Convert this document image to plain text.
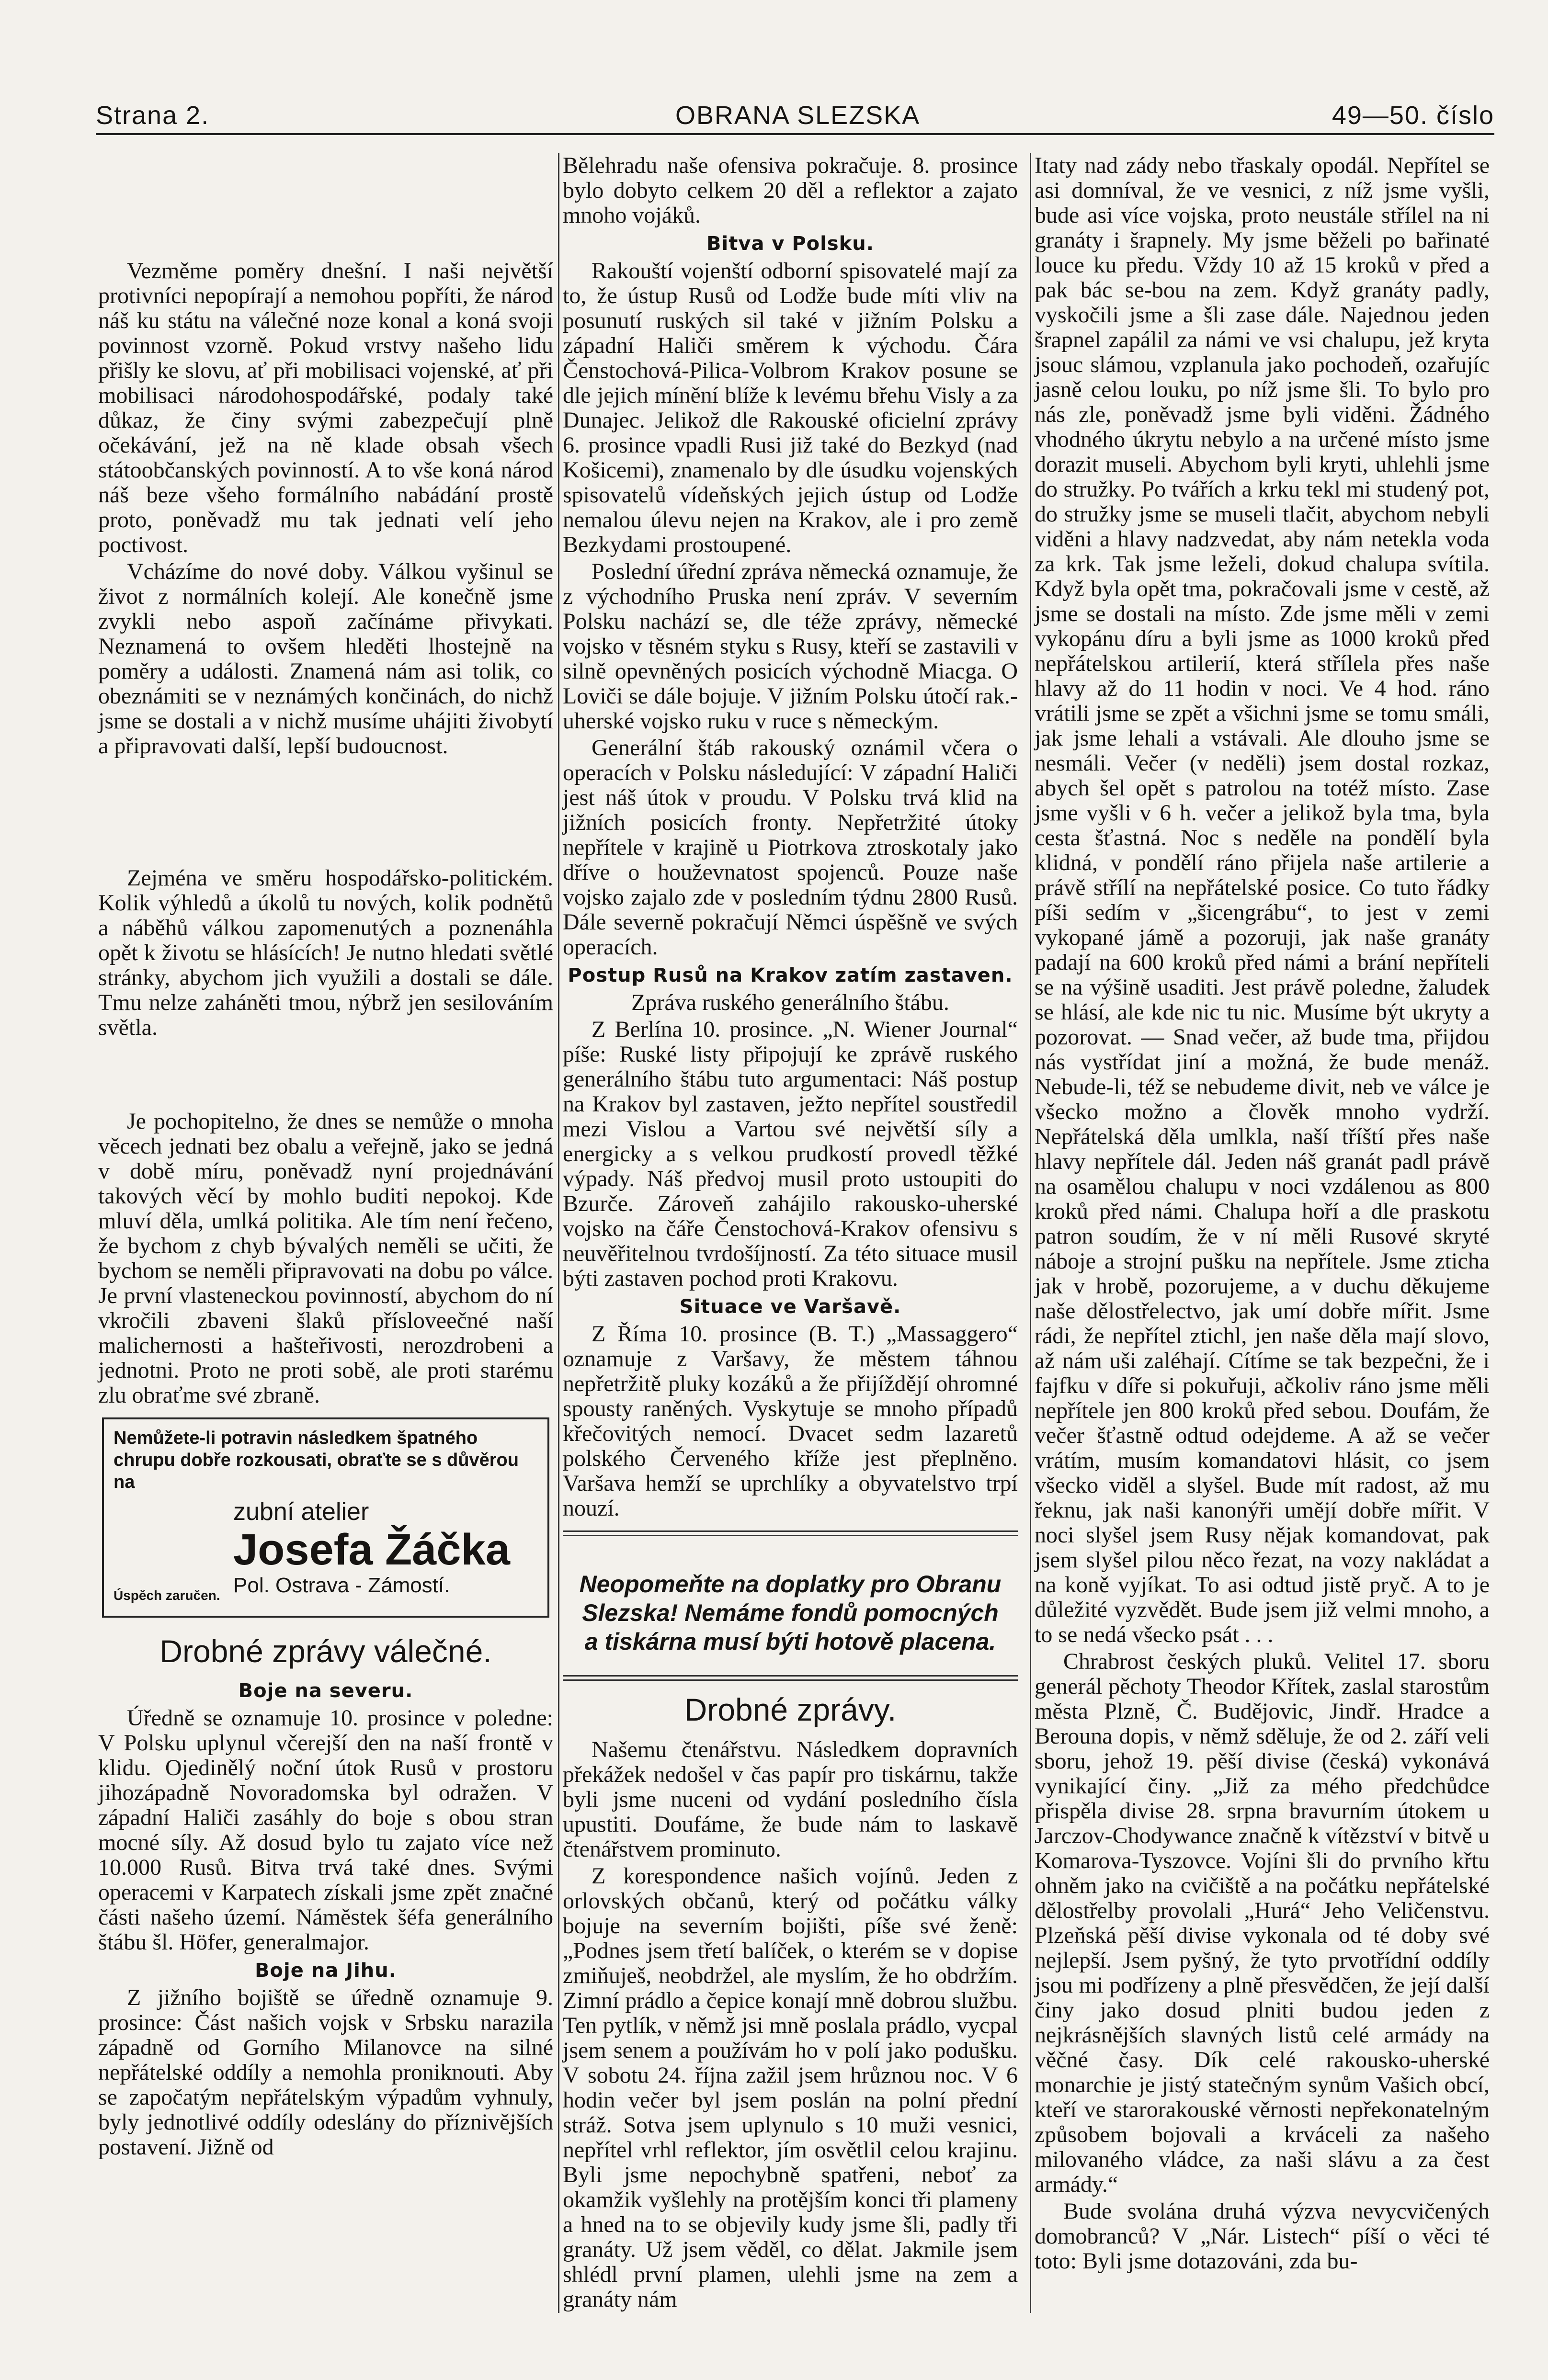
Strana 2.	OBRANA SLEZSKA	49—50. číslo

Vezměme poměry dnešní. I naši největší protivníci nepopírají a nemohou popříti, že národ náš ku státu na válečné noze konal a koná svoji povinnost vzorně. Pokud vrstvy našeho lidu přišly ke slovu, ať při mobilisaci vojenské, ať při mobilisaci národohospodářské, podaly také důkaz, že činy svými zabezpečují plně očekávání, jež na ně klade obsah všech státoobčanských povinností. A to vše koná národ náš beze všeho formálního nabádání prostě proto, poněvadž mu tak jednati velí jeho poctivost.

Vcházíme do nové doby. Válkou vyšinul se život z normálních kolejí. Ale konečně jsme zvykli nebo aspoň začínáme přivykati. Neznamená to ovšem hleděti lhostejně na poměry a události. Znamená nám asi tolik, co obeznámiti se v neznámých končinách, do nichž jsme se dostali a v nichž musíme uhájiti živobytí a připravovati další, lepší budoucnost.

Zejména ve směru hospodářsko-politickém. Kolik výhledů a úkolů tu nových, kolik podnětů a náběhů válkou zapomenutých a poznenáhla opět k životu se hlásících! Je nutno hledati světlé stránky, abychom jich využili a dostali se dále. Tmu nelze zaháněti tmou, nýbrž jen sesilováním světla.

Je pochopitelno, že dnes se nemůže o mnoha věcech jednati bez obalu a veřejně, jako se jedná v době míru, poněvadž nyní projednávání takových věcí by mohlo buditi nepokoj. Kde mluví děla, umlká politika. Ale tím není řečeno, že bychom z chyb bývalých neměli se učiti, že bychom se neměli připravovati na dobu po válce. Je první vlasteneckou povinností, abychom do ní vkročili zbaveni šlaků přísloveečné naší malichernosti a hašteřivosti, nerozdrobeni a jednotni. Proto ne proti sobě, ale proti starému zlu obraťme své zbraně.

Nemůžete-li potravin následkem špatného chrupu dobře rozkousati, obraťte se s důvěrou na
zubní atelier
Josefa Žáčka
Pol. Ostrava - Zámostí.
Úspěch zaručen.
Drobné zprávy válečné.
Boje na severu.

Úředně se oznamuje 10. prosince v poledne: V Polsku uplynul včerejší den na naší frontě v klidu. Ojedinělý noční útok Rusů v prostoru jihozápadně Novoradomska byl odražen. V západní Haliči zasáhly do boje s obou stran mocné síly. Až dosud bylo tu zajato více než 10.000 Rusů. Bitva trvá také dnes. Svými operacemi v Karpatech získali jsme zpět značné části našeho území. Náměstek šéfa generálního štábu šl. Höfer, generalmajor.

Boje na Jihu.

Z jižního bojiště se úředně oznamuje 9. prosince: Část našich vojsk v Srbsku narazila západně od Gorního Milanovce na silné nepřátelské oddíly a nemohla proniknouti. Aby se započatým nepřátelským výpadům vyhnuly, byly jednotlivé oddíly odeslány do příznivějších postavení. Jižně od

Bělehradu naše ofensiva pokračuje. 8. prosince bylo dobyto celkem 20 děl a reflektor a zajato mnoho vojáků.

Bitva v Polsku.

Rakouští vojenští odborní spisovatelé mají za to, že ústup Rusů od Lodže bude míti vliv na posunutí ruských sil také v jižním Polsku a západní Haliči směrem k východu. Čára Čenstochová-Pilica-Volbrom Krakov posune se dle jejich mínění blíže k levému břehu Visly a za Dunajec. Jelikož dle Rakouské oficielní zprávy 6. prosince vpadli Rusi již také do Bezkyd (nad Košicemi), znamenalo by dle úsudku vojenských spisovatelů vídeňských jejich ústup od Lodže nemalou úlevu nejen na Krakov, ale i pro země Bezkydami prostoupené.

Poslední úřední zpráva německá oznamuje, že z východního Pruska není zpráv. V severním Polsku nachází se, dle téže zprávy, německé vojsko v těsném styku s Rusy, kteří se zastavili v silně opevněných posicích východně Miacga. O Loviči se dále bojuje. V jižním Polsku útočí rak.-uherské vojsko ruku v ruce s německým.

Generální štáb rakouský oznámil včera o operacích v Polsku následující: V západní Haliči jest náš útok v proudu. V Polsku trvá klid na jižních posicích fronty. Nepřetržité útoky nepřítele v krajině u Piotrkova ztroskotaly jako dříve o houževnatost spojenců. Pouze naše vojsko zajalo zde v posledním týdnu 2800 Rusů. Dále severně pokračují Němci úspěšně ve svých operacích.

Postup Rusů na Krakov zatím zastaven.

Zpráva ruského generálního štábu.

Z Berlína 10. prosince. „N. Wiener Journal“ píše: Ruské listy připojují ke zprávě ruského generálního štábu tuto argumentaci: Náš postup na Krakov byl zastaven, ježto nepřítel soustředil mezi Vislou a Vartou své největší síly a energicky a s velkou prudkostí provedl těžké výpady. Náš předvoj musil proto ustoupiti do Bzurče. Zároveň zahájilo rakousko-uherské vojsko na čáře Čenstochová-Krakov ofensivu s neuvěřitelnou tvrdošíjností. Za této situace musil býti zastaven pochod proti Krakovu.

Situace ve Varšavě.

Z Říma 10. prosince (B. T.) „Massaggero“ oznamuje z Varšavy, že městem táhnou nepřetržitě pluky kozáků a že přijíždějí ohromné spousty raněných. Vyskytuje se mnoho případů křečovitých nemocí. Dvacet sedm lazaretů polského Červeného kříže jest přeplněno. Varšava hemží se uprchlíky a obyvatelstvo trpí nouzí.

Neopomeňte na doplatky pro Obranu Slezska! Nemáme fondů pomocných a tiskárna musí býti hotově placena.
Drobné zprávy.

Našemu čtenářstvu. Následkem dopravních překážek nedošel v čas papír pro tiskárnu, takže byli jsme nuceni od vydání posledního čísla upustiti. Doufáme, že bude nám to laskavě čtenářstvem prominuto.

Z korespondence našich vojínů. Jeden z orlovských občanů, který od počátku války bojuje na severním bojišti, píše své ženě: „Podnes jsem třetí balíček, o kterém se v dopise zmiňuješ, neobdržel, ale myslím, že ho obdržím. Zimní prádlo a čepice konají mně dobrou službu. Ten pytlík, v němž jsi mně poslala prádlo, vycpal jsem senem a používám ho v polí jako podušku. V sobotu 24. října zažil jsem hrůznou noc. V 6 hodin večer byl jsem poslán na polní přední stráž. Sotva jsem uplynulo s 10 muži vesnici, nepřítel vrhl reflektor, jím osvětlil celou krajinu. Byli jsme nepochybně spatřeni, neboť za okamžik vyšlehly na protějším konci tři plameny a hned na to se objevily kudy jsme šli, padly tři granáty. Už jsem věděl, co dělat. Jakmile jsem shlédl první plamen, ulehli jsme na zem a granáty nám

Itaty nad zády nebo třaskaly opodál. Nepřítel se asi domníval, že ve vesnici, z níž jsme vyšli, bude asi více vojska, proto neustále střílel na ni granáty i šrapnely. My jsme běželi po bařinaté louce ku předu. Vždy 10 až 15 kroků v před a pak bác se-bou na zem. Když granáty padly, vyskočili jsme a šli zase dále. Najednou jeden šrapnel zapálil za námi ve vsi chalupu, jež kryta jsouc slámou, vzplanula jako pochodeň, ozařujíc jasně celou louku, po níž jsme šli. To bylo pro nás zle, poněvadž jsme byli viděni. Žádného vhodného úkrytu nebylo a na určené místo jsme dorazit museli. Abychom byli kryti, uhlehli jsme do stružky. Po tvářích a krku tekl mi studený pot, do stružky jsme se museli tlačit, abychom nebyli viděni a hlavy nadzvedat, aby nám netekla voda za krk. Tak jsme leželi, dokud chalupa svítila. Když byla opět tma, pokračovali jsme v cestě, až jsme se dostali na místo. Zde jsme měli v zemi vykopánu díru a byli jsme as 1000 kroků před nepřátelskou artilerií, která střílela přes naše hlavy až do 11 hodin v noci. Ve 4 hod. ráno vrátili jsme se zpět a všichni jsme se tomu smáli, jak jsme lehali a vstávali. Ale dlouho jsme se nesmáli. Večer (v neděli) jsem dostal rozkaz, abych šel opět s patrolou na totéž místo. Zase jsme vyšli v 6 h. večer a jelikož byla tma, byla cesta šťastná. Noc s neděle na pondělí byla klidná, v pondělí ráno přijela naše artilerie a právě střílí na nepřátelské posice. Co tuto řádky píši sedím v „šicengrábu“, to jest v zemi vykopané jámě a pozoruji, jak naše granáty padají na 600 kroků před námi a brání nepříteli se na výšině usaditi. Jest právě poledne, žaludek se hlásí, ale kde nic tu nic. Musíme být ukryty a pozorovat. — Snad večer, až bude tma, přijdou nás vystřídat jiní a možná, že bude menáž. Nebude-li, též se nebudeme divit, neb ve válce je všecko možno a člověk mnoho vydrží. Nepřátelská děla umlkla, naší tříští přes naše hlavy nepřítele dál. Jeden náš granát padl právě na osamělou chalupu v noci vzdálenou as 800 kroků před námi. Chalupa hoří a dle praskotu patron soudím, že v ní měli Rusové skryté náboje a strojní pušku na nepřítele. Jsme zticha jak v hrobě, pozorujeme, a v duchu děkujeme naše dělostřelectvo, jak umí dobře mířit. Jsme rádi, že nepřítel ztichl, jen naše děla mají slovo, až nám uši zaléhají. Cítíme se tak bezpečni, že i fajfku v díře si pokuřuji, ačkoliv ráno jsme měli nepřítele jen 800 kroků před sebou. Doufám, že večer šťastně odtud odejdeme. A až se večer vrátím, musím komandatovi hlásit, co jsem všecko viděl a slyšel. Bude mít radost, až mu řeknu, jak naši kanonýři umějí dobře mířit. V noci slyšel jsem Rusy nějak komandovat, pak jsem slyšel pilou něco řezat, na vozy nakládat a na koně vyjíkat. To asi odtud jistě pryč. A to je důležité vyzvědět. Bude jsem již velmi mnoho, a to se nedá všecko psát . . .

Chrabrost českých pluků. Velitel 17. sboru generál pěchoty Theodor Křítek, zaslal starostům města Plzně, Č. Budějovic, Jindř. Hradce a Berouna dopis, v němž sděluje, že od 2. září veli sboru, jehož 19. pěší divise (česká) vykonává vynikající činy. „Již za mého předchůdce přispěla divise 28. srpna bravurním útokem u Jarczov-Chodywance značně k vítězství v bitvě u Komarova-Tyszovce. Vojíni šli do prvního křtu ohněm jako na cvičiště a na počátku nepřátelské dělostřelby provolali „Hurá“ Jeho Veličenstvu. Plzeňská pěší divise vykonala od té doby své nejlepší. Jsem pyšný, že tyto prvotřídní oddíly jsou mi podřízeny a plně přesvědčen, že její další činy jako dosud plniti budou jeden z nejkrásnějších slavných listů celé armády na věčné časy. Dík celé rakousko-uherské monarchie je jistý statečným synům Vašich obcí, kteří ve starorakouské věrnosti nepřekonatelným způsobem bojovali a krváceli za našeho milovaného vládce, za naši slávu a za čest armády.“

Bude svolána druhá výzva nevycvičených domobranců? V „Nár. Listech“ píší o věci té toto: Byli jsme dotazováni, zda bu-
